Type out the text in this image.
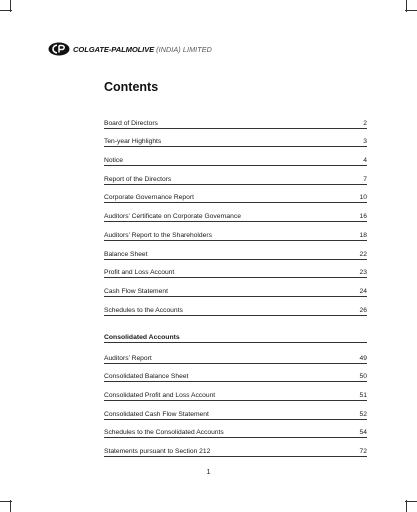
COLGATE-PALMOLIVE (INDIA) LIMITED
Contents
Board of Directors	2
Ten-year Highlights	3
Notice	4
Report of the Directors	7
Corporate Governance Report	10
Auditors’ Certificate on Corporate Governance	16
Auditors’ Report to the Shareholders	18
Balance Sheet	22
Profit and Loss Account	23
Cash Flow Statement	24
Schedules to the Accounts	26
Consolidated Accounts
Auditors’ Report	49
Consolidated Balance Sheet	50
Consolidated Profit and Loss Account	51
Consolidated Cash Flow Statement	52
Schedules to the Consolidated Accounts	54
Statements pursuant to Section 212	72
1
